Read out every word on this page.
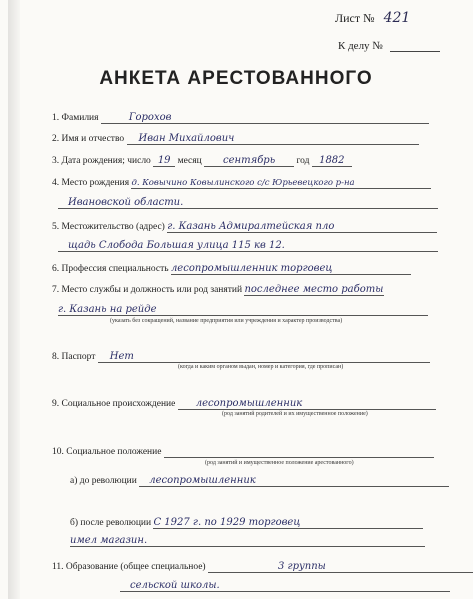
Лист № 421
К делу №
АНКЕТА АРЕСТОВАННОГО
1. Фамилия	Горохов
2. Имя и отчество Иван Михайлович
3. Дата рождения; число 19 месяц сентябрь год 1882
4. Место рождения д. Ковычино Ковылинского с/с Юрьевецкого р-на
Ивановской области.
5. Местожительство (адрес) г. Казань Адмиралтейская пло
щадь Слобода Большая улица 115 кв 12.
6. Профессия специальность лесопромышленник торговец
7. Место службы и должность или род занятий последнее место работы
г. Казань на рейде
(указать без сокращений, название предприятия или учреждения и характер производства)
8. Паспорт Нет
(когда и каким органом выдан, номер и категория, где прописан)
9. Социальное происхождение лесопромышленник
(род занятий родителей и их имущественное положение)
10. Социальное положение
(род занятий и имущественное положение арестованного)
а) до революции лесопромышленник
б) после революции С 1927 г. по 1929 торговец
имел магазин.
11. Образование (общее специальное)	3 группы
сельской школы.
